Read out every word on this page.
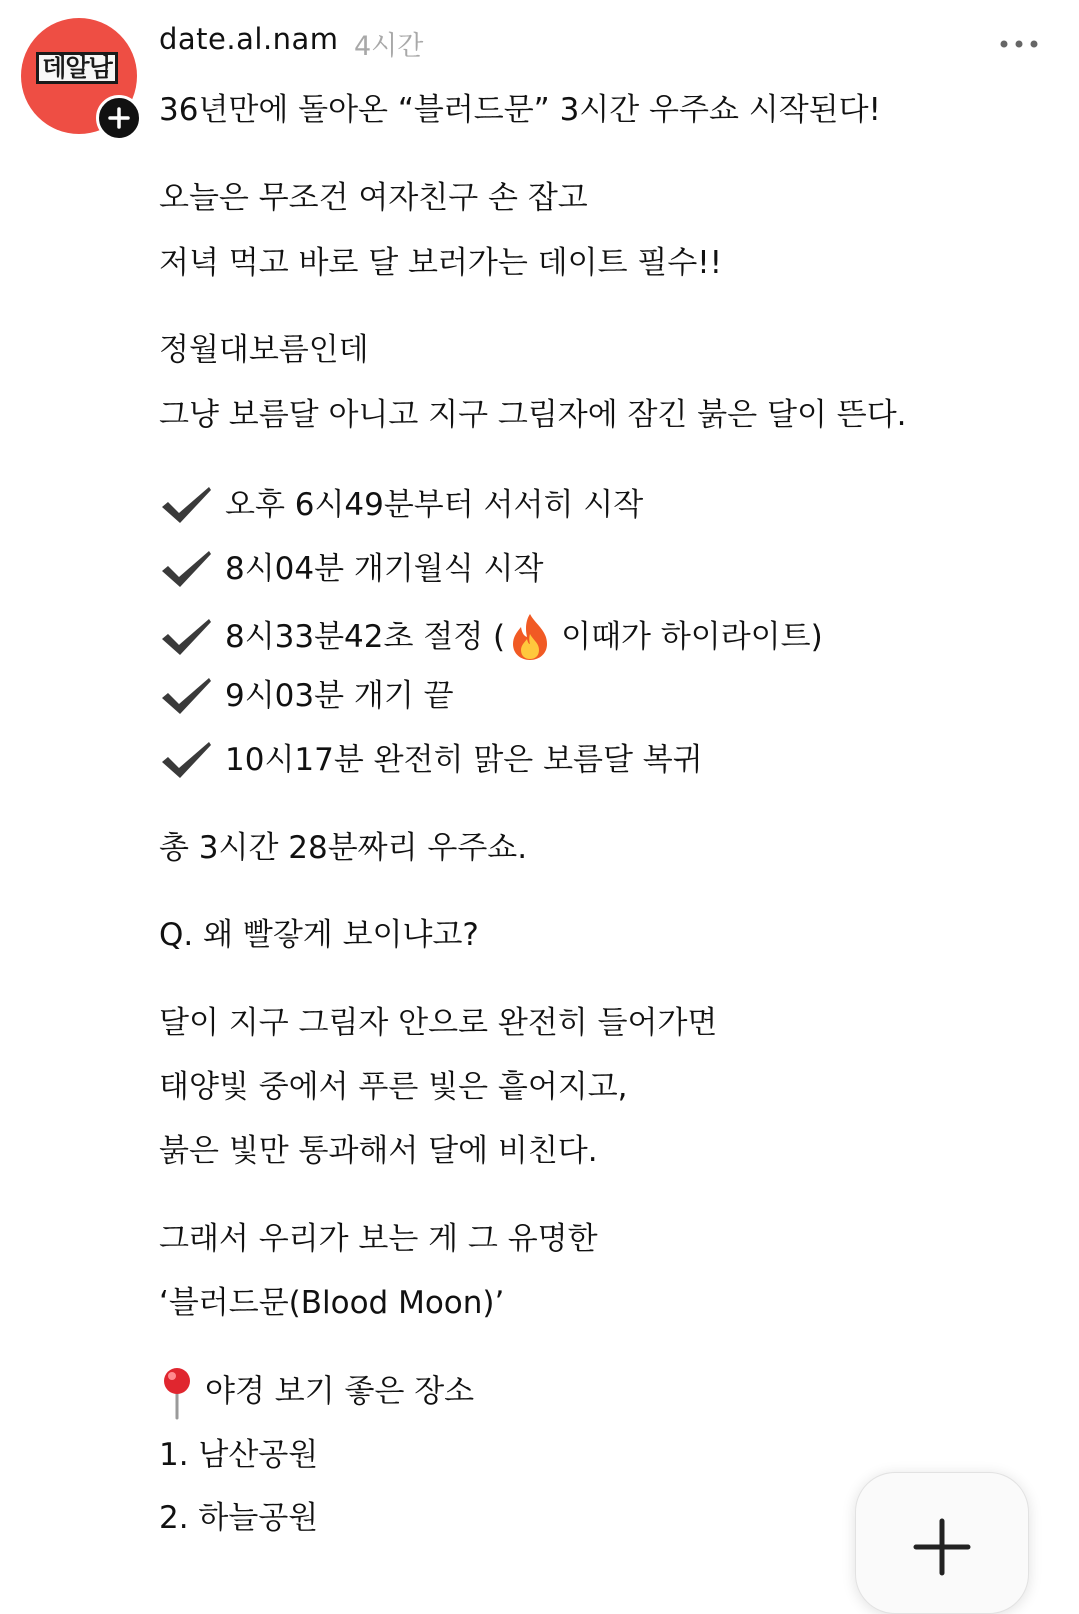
데알남
date.al.nam 4시간
36년만에 돌아온 “블러드문” 3시간 우주쇼 시작된다!
오늘은 무조건 여자친구 손 잡고
저녁 먹고 바로 달 보러가는 데이트 필수!!
정월대보름인데
그냥 보름달 아니고 지구 그림자에 잠긴 붉은 달이 뜬다.
오후 6시49분부터 서서히 시작
8시04분 개기월식 시작
8시33분42초 절정 ( 이때가 하이라이트)
9시03분 개기 끝
10시17분 완전히 맑은 보름달 복귀
총 3시간 28분짜리 우주쇼.
Q. 왜 빨갛게 보이냐고?
달이 지구 그림자 안으로 완전히 들어가면
태양빛 중에서 푸른 빛은 흩어지고,
붉은 빛만 통과해서 달에 비친다.
그래서 우리가 보는 게 그 유명한
‘블러드문(Blood Moon)’
야경 보기 좋은 장소
1. 남산공원
2. 하늘공원
